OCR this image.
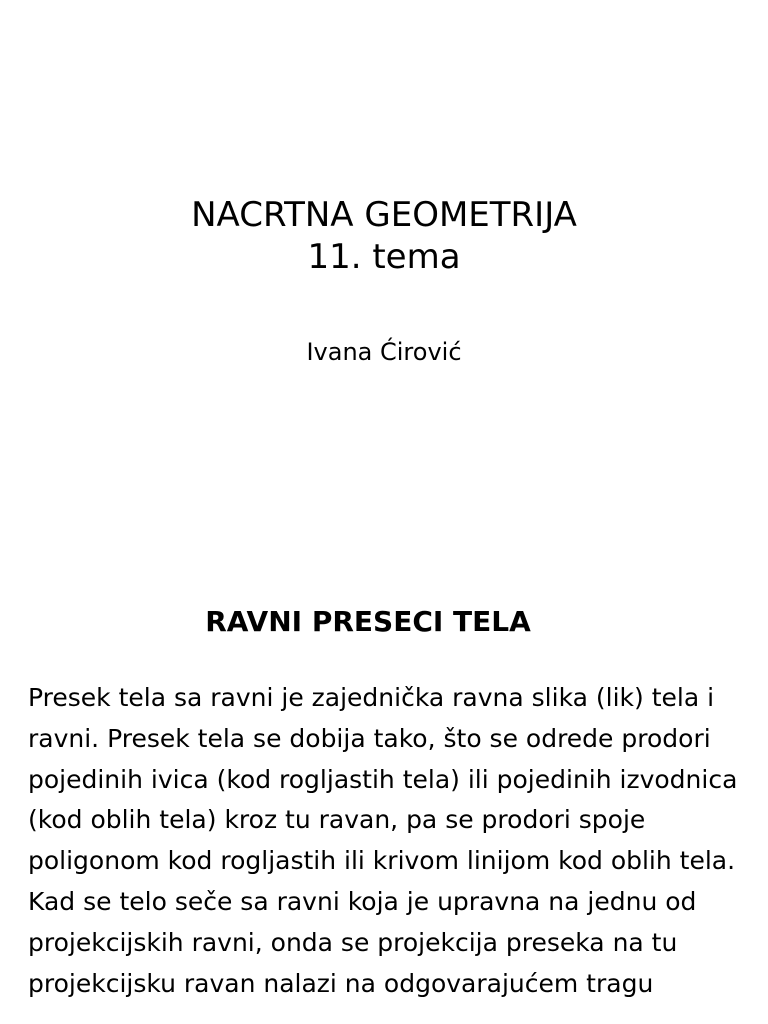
NACRTNA GEOMETRIJA
11. tema
Ivana Ćirović
RAVNI PRESECI TELA

Presek tela sa ravni je zajednička ravna slika (lik) tela i ravni. Presek tela se dobija tako, što se odrede prodori pojedinih ivica (kod rogljastih tela) ili pojedinih izvodnica (kod oblih tela) kroz tu ravan, pa se prodori spoje poligonom kod rogljastih ili krivom linijom kod oblih tela.

Kad se telo seče sa ravni koja je upravna na jednu od projekcijskih ravni, onda se projekcija preseka na tu projekcijsku ravan nalazi na odgovarajućem tragu
